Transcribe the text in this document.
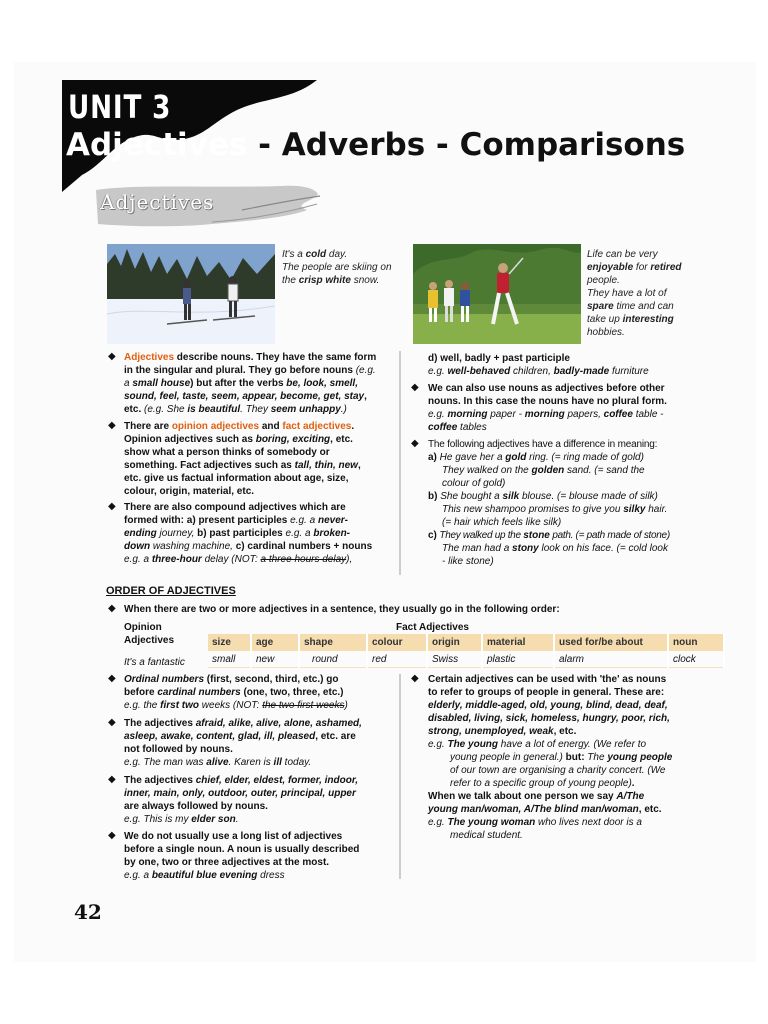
UNIT 3
Adjectives - Adverbs - Comparisons
Adjectives
It's a cold day.
The people are skiing on
the crisp white snow.
Life can be very
enjoyable for retired
people.
They have a lot of
spare time and can
take up interesting
hobbies.
◆ Adjectives describe nouns. They have the same form
in the singular and plural. They go before nouns (e.g.
a small house) but after the verbs be, look, smell,
sound, feel, taste, seem, appear, become, get, stay,
etc. (e.g. She is beautiful. They seem unhappy.)
◆ There are opinion adjectives and fact adjectives.
Opinion adjectives such as boring, exciting, etc.
show what a person thinks of somebody or
something. Fact adjectives such as tall, thin, new,
etc. give us factual information about age, size,
colour, origin, material, etc.
◆ There are also compound adjectives which are
formed with: a) present participles e.g. a never-
ending journey, b) past participles e.g. a broken-
down washing machine, c) cardinal numbers + nouns
e.g. a three-hour delay (NOT: a three hours delay),
d) well, badly + past participle
e.g. well-behaved children, badly-made furniture
◆ We can also use nouns as adjectives before other
nouns. In this case the nouns have no plural form.
e.g. morning paper - morning papers, coffee table -
coffee tables
◆ The following adjectives have a difference in meaning:
a) He gave her a gold ring. (= ring made of gold)
They walked on the golden sand. (= sand the
colour of gold)
b) She bought a silk blouse. (= blouse made of silk)
This new shampoo promises to give you silky hair.
(= hair which feels like silk)
c) They walked up the stone path. (= path made of stone)
The man had a stony look on his face. (= cold look
- like stone)
ORDER OF ADJECTIVES
◆ When there are two or more adjectives in a sentence, they usually go in the following order:
Opinion
Adjectives
Fact Adjectives
It's a fantastic
size	age	shape	colour	origin	material	used for/be about	noun
small	new	round	red	Swiss	plastic	alarm	clock
◆ Ordinal numbers (first, second, third, etc.) go
before cardinal numbers (one, two, three, etc.)
e.g. the first two weeks (NOT: the two first weeks)
◆ The adjectives afraid, alike, alive, alone, ashamed,
asleep, awake, content, glad, ill, pleased, etc. are
not followed by nouns.
e.g. The man was alive. Karen is ill today.
◆ The adjectives chief, elder, eldest, former, indoor,
inner, main, only, outdoor, outer, principal, upper
are always followed by nouns.
e.g. This is my elder son.
◆ We do not usually use a long list of adjectives
before a single noun. A noun is usually described
by one, two or three adjectives at the most.
e.g. a beautiful blue evening dress
◆ Certain adjectives can be used with 'the' as nouns
to refer to groups of people in general. These are:
elderly, middle-aged, old, young, blind, dead, deaf,
disabled, living, sick, homeless, hungry, poor, rich,
strong, unemployed, weak, etc.
e.g. The young have a lot of energy. (We refer to
young people in general.) but: The young people
of our town are organising a charity concert. (We
refer to a specific group of young people).
When we talk about one person we say A/The
young man/woman, A/The blind man/woman, etc.
e.g. The young woman who lives next door is a
medical student.
42
